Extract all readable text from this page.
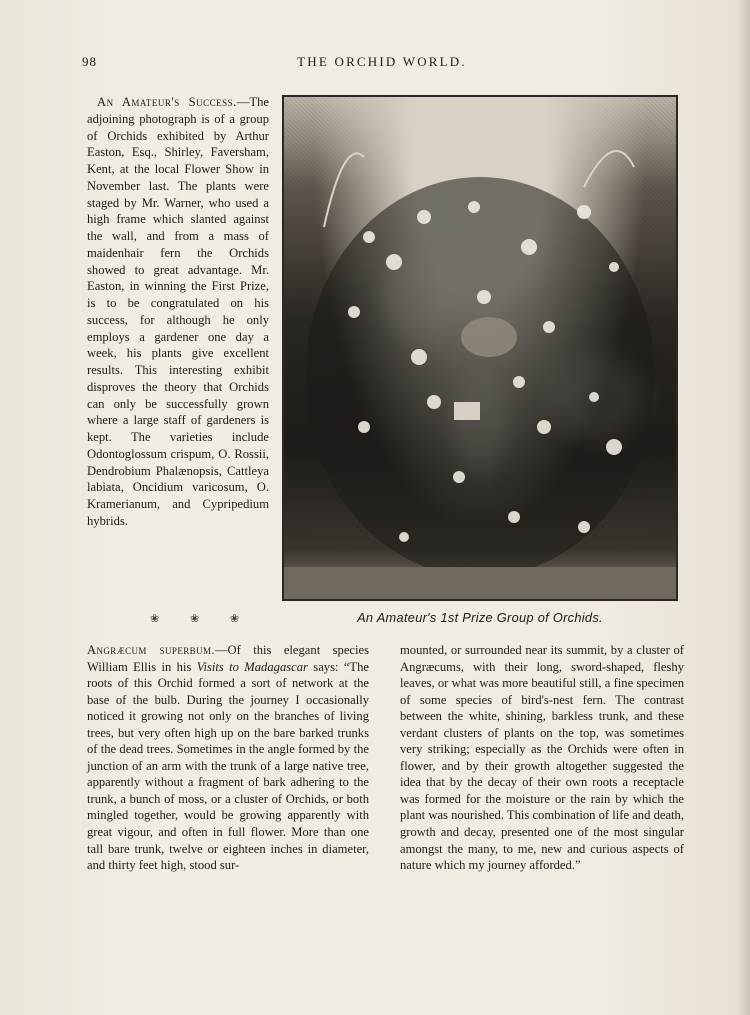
98	THE ORCHID WORLD.

An Amateur's Success.—The adjoining photograph is of a group of Orchids exhibited by Arthur Easton, Esq., Shirley, Faversham, Kent, at the local Flower Show in November last. The plants were staged by Mr. Warner, who used a high frame which slanted against the wall, and from a mass of maidenhair fern the Orchids showed to great advantage. Mr. Easton, in winning the First Prize, is to be congratulated on his success, for although he only employs a gardener one day a week, his plants give excellent results. This interesting exhibit disproves the theory that Orchids can only be successfully grown where a large staff of gardeners is kept. The varieties include Odontoglossum crispum, O. Rossii, Dendrobium Phalænopsis, Cattleya labiata, Oncidium varicosum, O. Kramerianum, and Cypripedium hybrids.

An Amateur's 1st Prize Group of Orchids.
❀ ❀ ❀

Angræcum superbum.—Of this elegant species William Ellis in his Visits to Madagascar says: “The roots of this Orchid formed a sort of network at the base of the bulb. During the journey I occasionally noticed it growing not only on the branches of living trees, but very often high up on the bare barked trunks of the dead trees. Sometimes in the angle formed by the junction of an arm with the trunk of a large native tree, apparently without a fragment of bark adhering to the trunk, a bunch of moss, or a cluster of Orchids, or both mingled together, would be growing apparently with great vigour, and often in full flower. More than one tall bare trunk, twelve or eighteen inches in diameter, and thirty feet high, stood sur-

mounted, or surrounded near its summit, by a cluster of Angræcums, with their long, sword-shaped, fleshy leaves, or what was more beautiful still, a fine specimen of some species of bird's-nest fern. The contrast between the white, shining, barkless trunk, and these verdant clusters of plants on the top, was sometimes very striking; especially as the Orchids were often in flower, and by their growth altogether suggested the idea that by the decay of their own roots a receptacle was formed for the moisture or the rain by which the plant was nourished. This combination of life and death, growth and decay, presented one of the most singular amongst the many, to me, new and curious aspects of nature which my journey afforded.”
